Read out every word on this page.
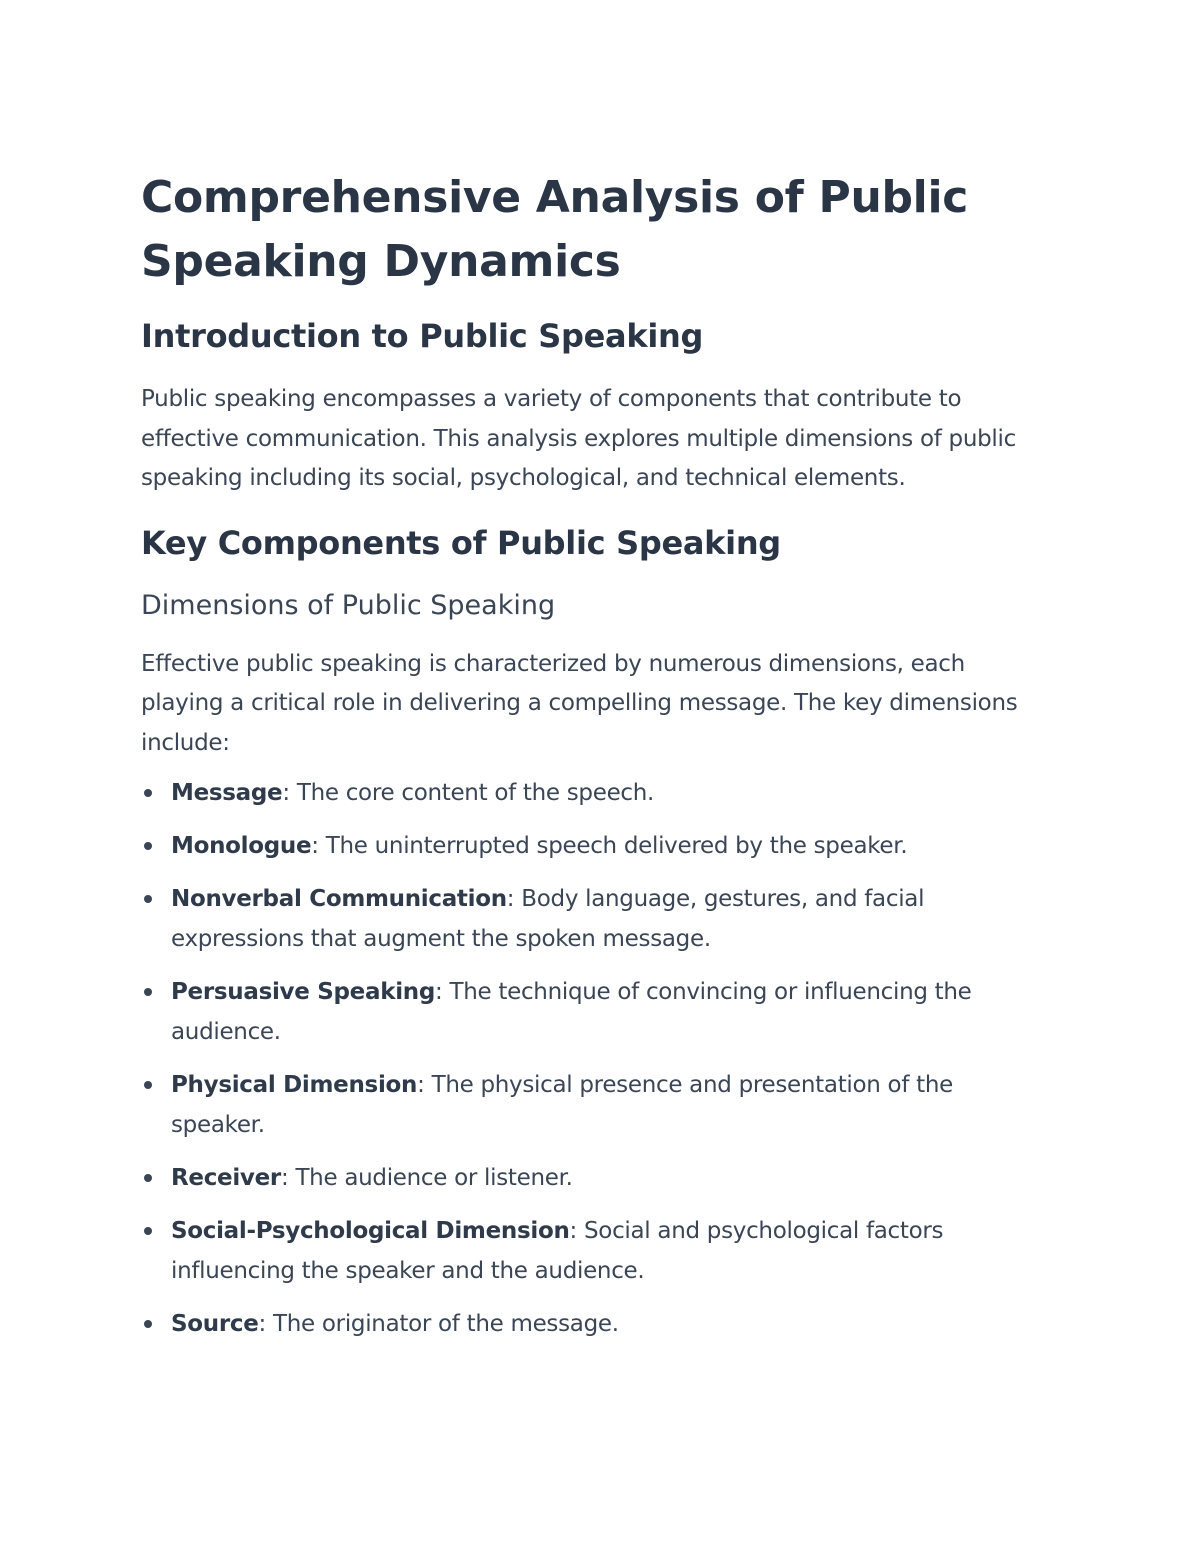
Comprehensive Analysis of Public Speaking Dynamics
Introduction to Public Speaking

Public speaking encompasses a variety of components that contribute to effective communication. This analysis explores multiple dimensions of public speaking including its social, psychological, and technical elements.

Key Components of Public Speaking
Dimensions of Public Speaking

Effective public speaking is characterized by numerous dimensions, each playing a critical role in delivering a compelling message. The key dimensions include:

Message: The core content of the speech.
Monologue: The uninterrupted speech delivered by the speaker.
Nonverbal Communication: Body language, gestures, and facial expressions that augment the spoken message.
Persuasive Speaking: The technique of convincing or influencing the audience.
Physical Dimension: The physical presence and presentation of the speaker.
Receiver: The audience or listener.
Social-Psychological Dimension: Social and psychological factors influencing the speaker and the audience.
Source: The originator of the message.
